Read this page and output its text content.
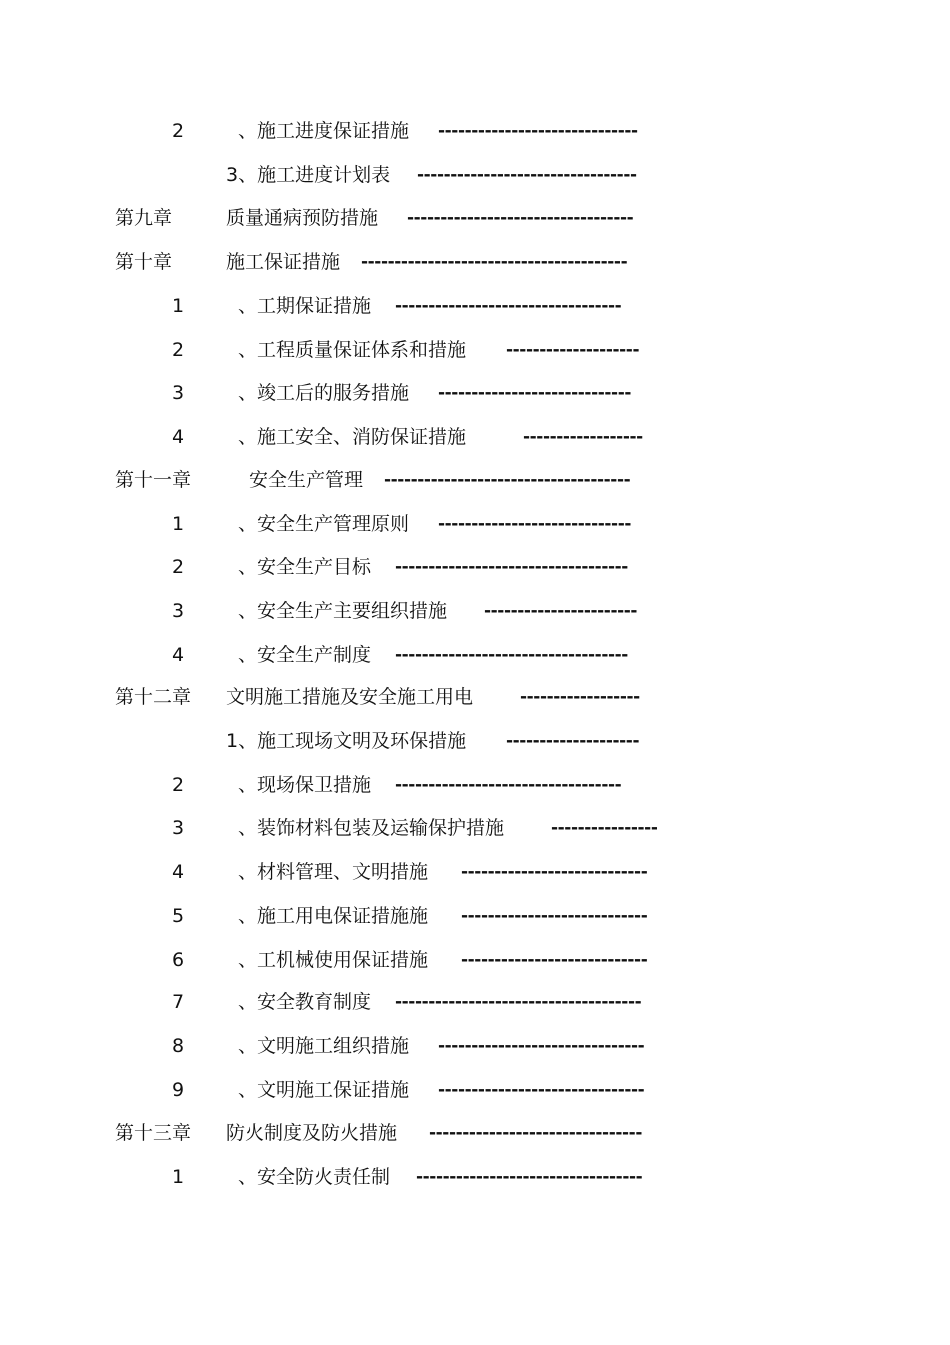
2	、施工进度保证措施 ------------------------------
3、施工进度计划表 ---------------------------------
第九章	质量通病预防措施 ----------------------------------
第十章	施工保证措施 ----------------------------------------
1	、工期保证措施 ----------------------------------
2	、工程质量保证体系和措施 --------------------
3	、竣工后的服务措施 -----------------------------
4	、施工安全、消防保证措施	------------------
第十一章	安全生产管理 -------------------------------------
1	、安全生产管理原则 -----------------------------
2	、安全生产目标 -----------------------------------
3	、安全生产主要组织措施 -----------------------
4	、安全生产制度 -----------------------------------
第十二章 文明施工措施及安全施工用电	------------------
1、施工现场文明及环保措施 --------------------
2	、现场保卫措施 ----------------------------------
3	、装饰材料包装及运输保护措施	----------------
4	、材料管理、文明措施 ----------------------------
5	、施工用电保证措施施 ----------------------------
6	、工机械使用保证措施 ----------------------------
7	、安全教育制度 -------------------------------------
8	、文明施工组织措施 -------------------------------
9	、文明施工保证措施 -------------------------------
第十三章 防火制度及防火措施 --------------------------------
1	、安全防火责任制 ----------------------------------
